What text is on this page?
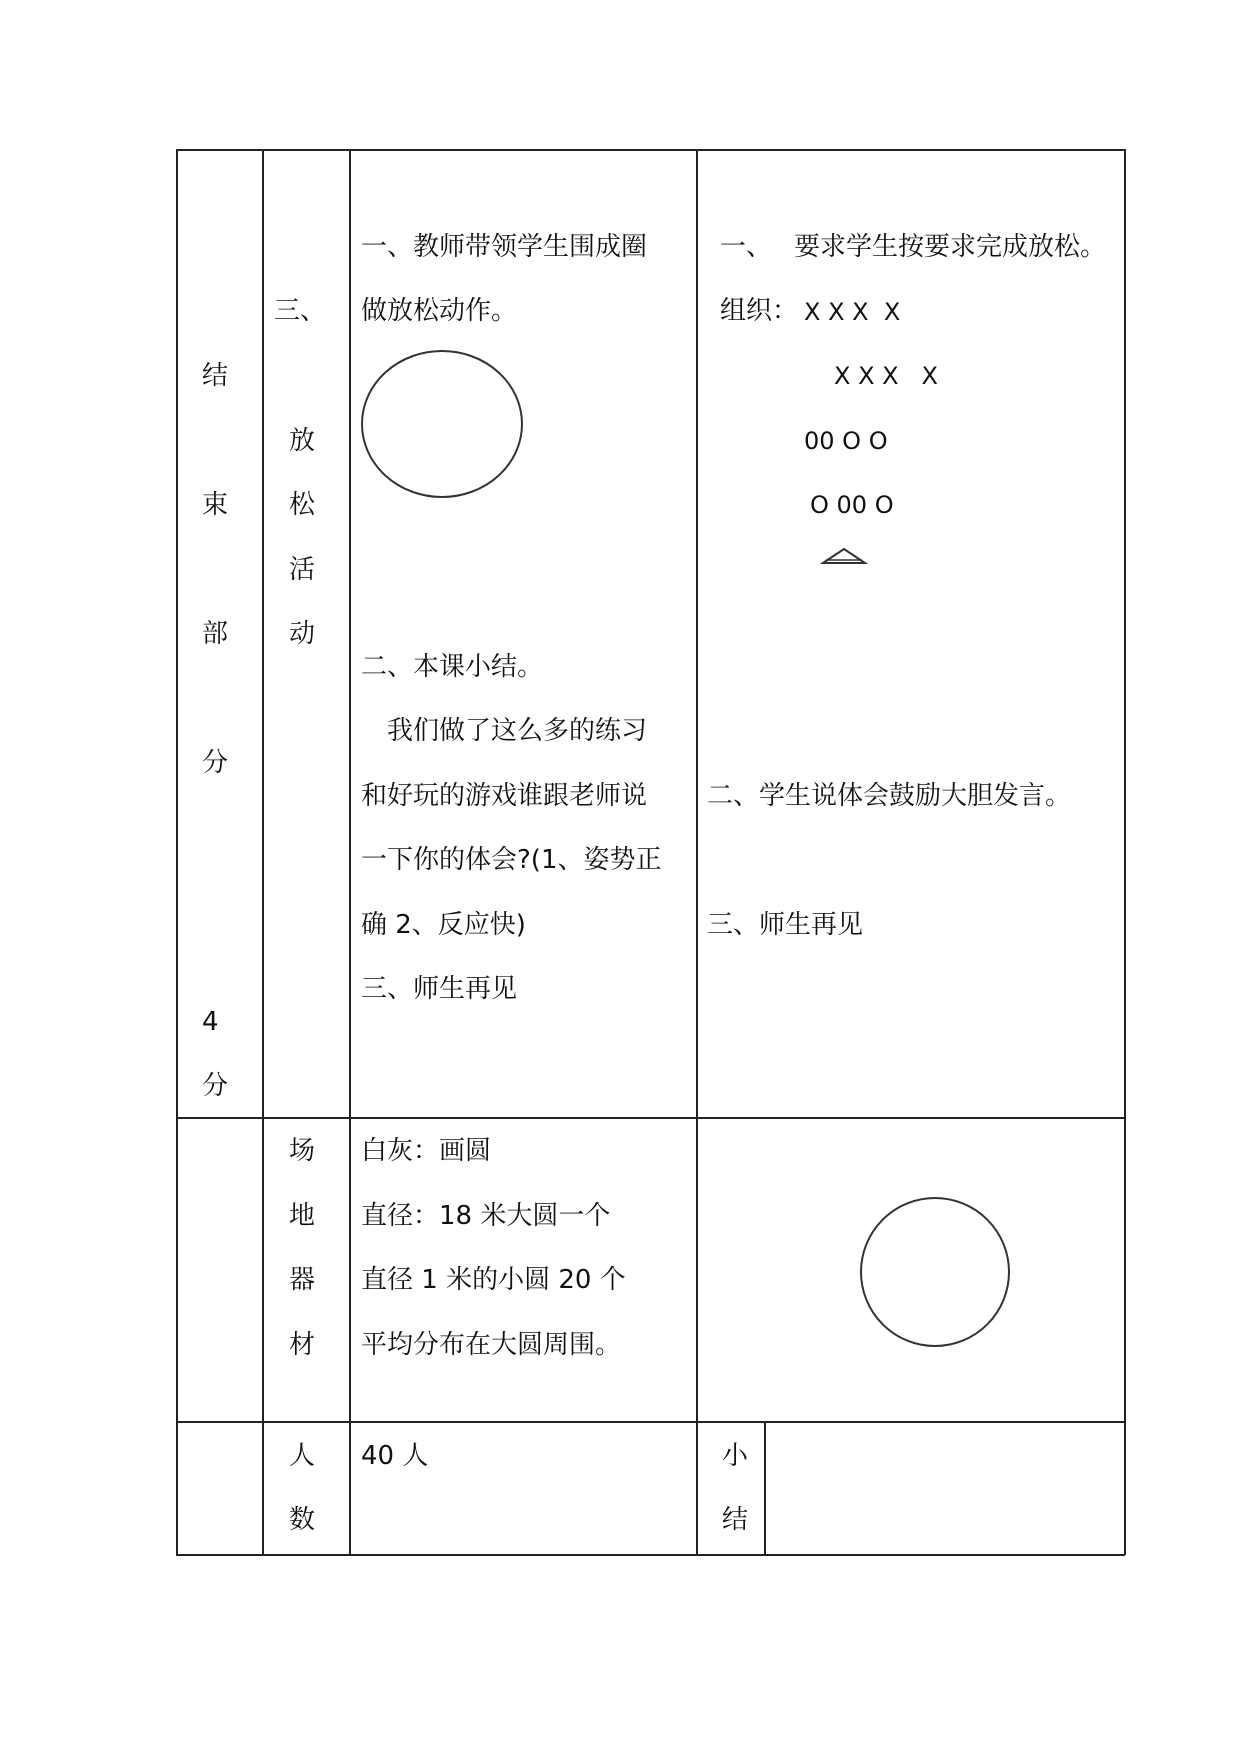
结
束
部
分
4
分
三、
放
松
活
动
一、教师带领学生围成圈
做放松动作。
二、本课小结。
　我们做了这么多的练习
和好玩的游戏谁跟老师说
一下你的体会?(1、姿势正
确 2、反应快)
三、师生再见
一、 要求学生按要求完成放松。
组织： X X X  X
X X X   X
00 O O
O 00 O
二、学生说体会鼓励大胆发言。
三、师生再见
场
地
器
材
白灰：画圆
直径：18 米大圆一个
直径 1 米的小圆 20 个
平均分布在大圆周围。
人
数
40 人	小
结
